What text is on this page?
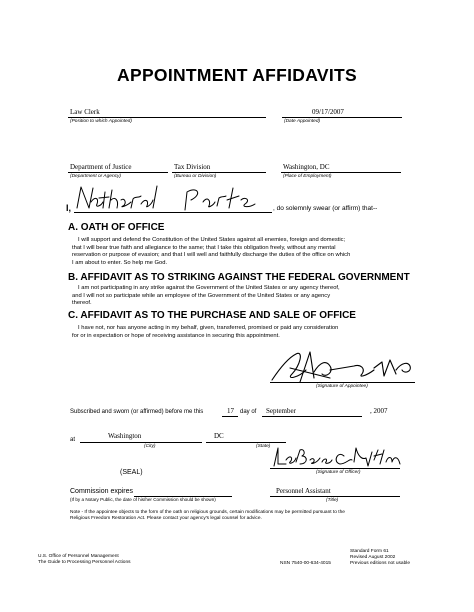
APPOINTMENT AFFIDAVITS
Law Clerk
(Position to which Appointed)
09/17/2007
(Date Appointed)
Department of Justice
(Department or Agency)
Tax Division
(Bureau or Division)
Washington, DC
(Place of Employment)
I,	, do solemnly swear (or affirm) that--
A. OATH OF OFFICE
I will support and defend the Constitution of the United States against all enemies, foreign and domestic;
that I will bear true faith and allegiance to the same; that I take this obligation freely, without any mental
reservation or purpose of evasion; and that I will well and faithfully discharge the duties of the office on which
I am about to enter. So help me God.
B. AFFIDAVIT AS TO STRIKING AGAINST THE FEDERAL GOVERNMENT
I am not participating in any strike against the Government of the United States or any agency thereof,
and I will not so participate while an employee of the Government of the United States or any agency
thereof.
C. AFFIDAVIT AS TO THE PURCHASE AND SALE OF OFFICE
I have not, nor has anyone acting in my behalf, given, transferred, promised or paid any consideration
for or in expectation or hope of receiving assistance in securing this appointment.
(Signature of Appointee)
Subscribed and sworn (or affirmed) before me this	17 day of September	, 2007
at	Washington
(City)
DC
(State)
(Signature of Officer)
(SEAL)
Commission expires
(If by a Notary Public, the date of his/her Commission should be shown)
Personnel Assistant
(Title)
Note - If the appointee objects to the form of the oath on religious grounds, certain modifications may be permitted pursuant to the
Religious Freedom Restoration Act. Please contact your agency's legal counsel for advice.
U.S. Office of Personnel Management
The Guide to Processing Personnel Actions	NSN 7540-00-634-4015
Standard Form 61
Revised August 2002
Previous editions not usable
